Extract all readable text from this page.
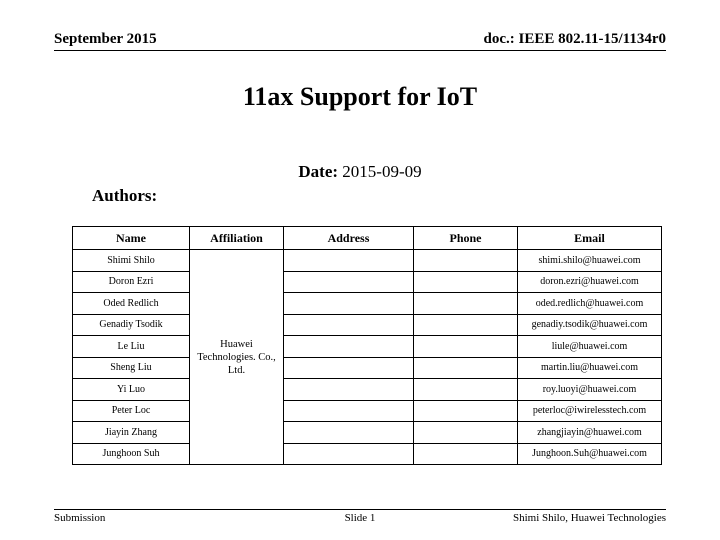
September 2015	doc.: IEEE 802.11-15/1134r0
11ax Support for IoT
Date: 2015-09-09
Authors:
Name	Affiliation	Address	Phone	Email
Shimi Shilo	Huawei Technologies. Co., Ltd.			shimi.shilo@huawei.com
Doron Ezri				doron.ezri@huawei.com
Oded Redlich				oded.redlich@huawei.com
Genadiy Tsodik				genadiy.tsodik@huawei.com
Le Liu				liule@huawei.com
Sheng Liu				martin.liu@huawei.com
Yi Luo				roy.luoyi@huawei.com
Peter Loc				peterloc@iwirelesstech.com
Jiayin Zhang				zhangjiayin@huawei.com
Junghoon Suh				Junghoon.Suh@huawei.com
Submission	Slide 1	Shimi Shilo, Huawei Technologies
